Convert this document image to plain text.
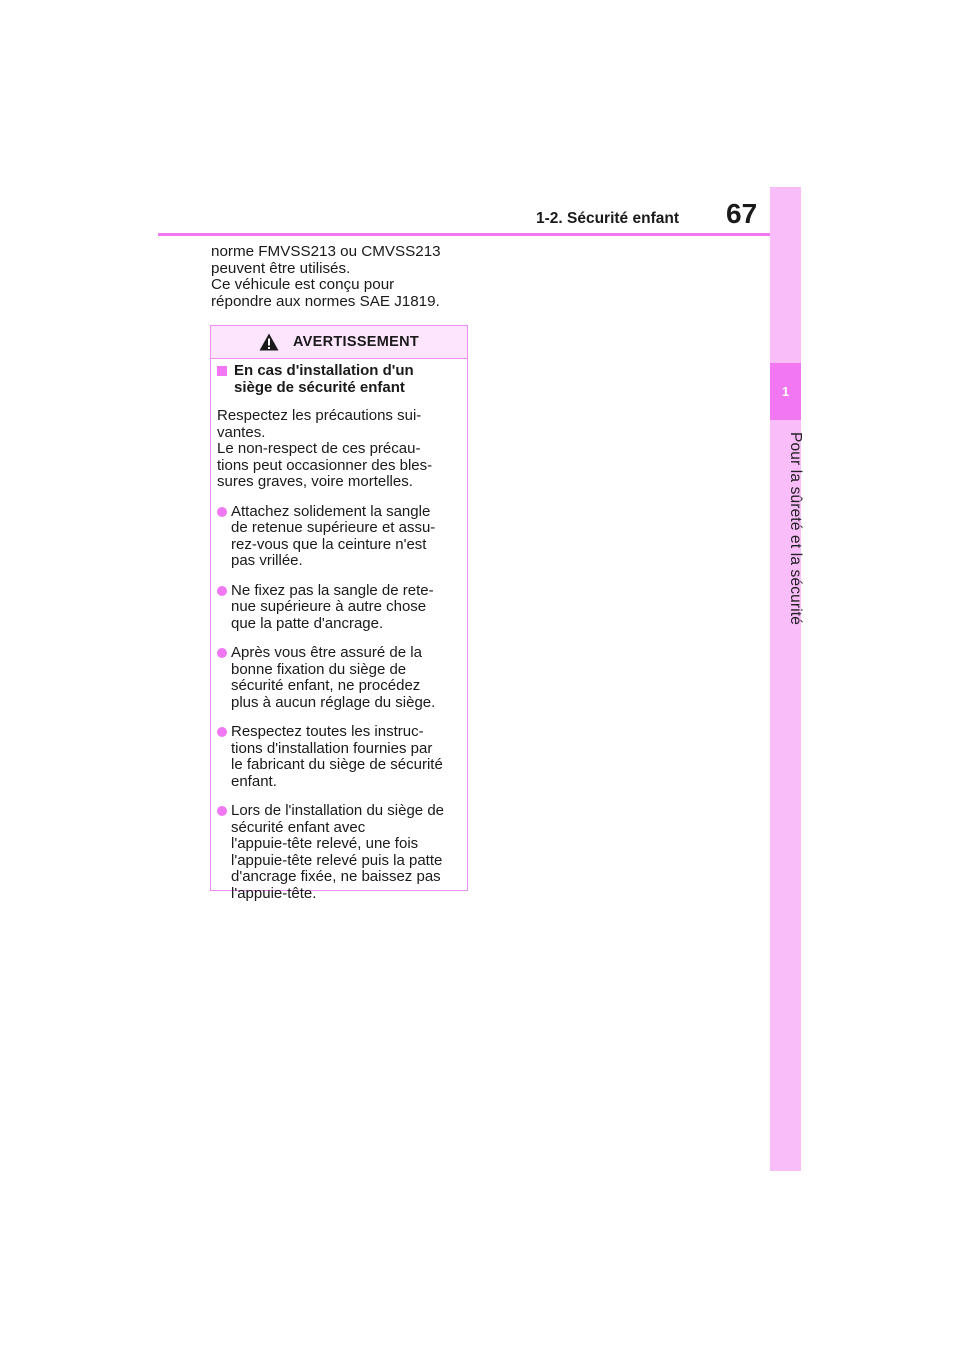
1
Pour la sûreté et la sécurité
1-2. Sécurité enfant 67
norme FMVSS213 ou CMVSS213
peuvent être utilisés.
Ce véhicule est conçu pour
répondre aux normes SAE J1819.
AVERTISSEMENT
En cas d'installation d'un
siège de sécurité enfant
Respectez les précautions sui-
vantes.
Le non-respect de ces précau-
tions peut occasionner des bles-
sures graves, voire mortelles.
Attachez solidement la sangle
de retenue supérieure et assu-
rez-vous que la ceinture n'est
pas vrillée.
Ne fixez pas la sangle de rete-
nue supérieure à autre chose
que la patte d'ancrage.
Après vous être assuré de la
bonne fixation du siège de
sécurité enfant, ne procédez
plus à aucun réglage du siège.
Respectez toutes les instruc-
tions d'installation fournies par
le fabricant du siège de sécurité
enfant.
Lors de l'installation du siège de
sécurité enfant avec
l'appuie-tête relevé, une fois
l'appuie-tête relevé puis la patte
d'ancrage fixée, ne baissez pas
l'appuie-tête.
